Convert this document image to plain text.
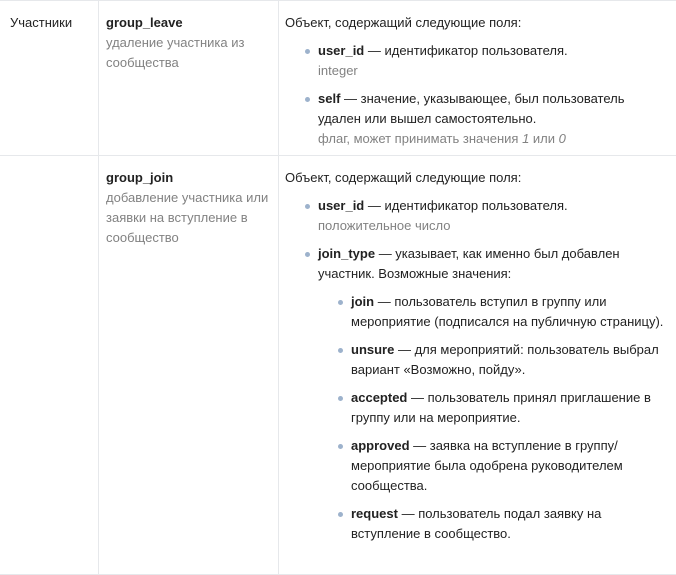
Участники	group_leave
удаление участника из сообщества
Объект, содержащий следующие поля:
user_id — идентификатор пользователя.
integer
self — значение, указывающее, был пользователь удален или вышел самостоятельно.
флаг, может принимать значения 1 или 0
group_join
добавление участника или заявки на вступление в сообщество
Объект, содержащий следующие поля:
user_id — идентификатор пользователя.
положительное число
join_type — указывает, как именно был добавлен участник. Возможные значения:
join — пользователь вступил в группу или мероприятие (подписался на публичную страницу).
unsure — для мероприятий: пользователь выбрал вариант «Возможно, пойду».
accepted — пользователь принял приглашение в группу или на мероприятие.
approved — заявка на вступление в группу/мероприятие была одобрена руководителем сообщества.
request — пользователь подал заявку на вступление в сообщество.
